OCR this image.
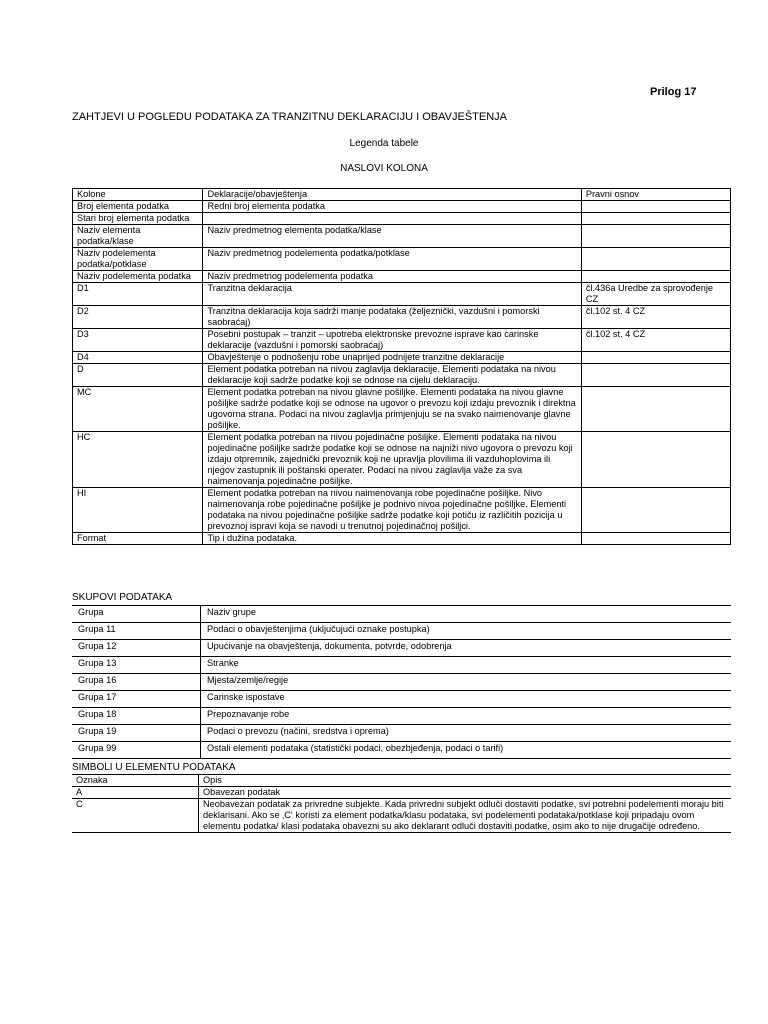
Prilog 17
ZAHTJEVI U POGLEDU PODATAKA ZA TRANZITNU DEKLARACIJU I OBAVJEŠTENJA
Legenda tabele
NASLOVI KOLONA
Kolone	Deklaracije/obavještenja	Pravni osnov
Broj elementa podatka	Redni broj elementa podatka	
Stari broj elementa podatka		
Naziv elementa podatka/klase	Naziv predmetnog elementa podatka/klase	
Naziv podelementa podatka/potklase	Naziv predmetnog podelementa podatka/potklase	
Naziv podelementa podatka	Naziv predmetnog podelementa podatka	
D1	Tranzitna deklaracija	čl.436a Uredbe za sprovođenje CZ
D2	Tranzitna deklaracija koja sadrži manje podataka (željeznički, vazdušni i pomorski saobraćaj)	čl.102 st. 4 CZ
D3	Posebni postupak – tranzit – upotreba elektronske prevozne isprave kao carinske deklaracije (vazdušni i pomorski saobraćaj)	čl.102 st. 4 CZ
D4	Obavještenje o podnošenju robe unaprijed podnijete tranzitne deklaracije	
D	Element podatka potreban na nivou zaglavlja deklaracije. Elementi podataka na nivou deklaracije koji sadrže podatke koji se odnose na cijelu deklaraciju.	
MC	Element podatka potreban na nivou glavne pošiljke. Elementi podataka na nivou glavne pošiljke sadrže podatke koji se odnose na ugovor o prevozu koji izdaju prevoznik i direktna ugovorna strana. Podaci na nivou zaglavlja primjenjuju se na svako naimenovanje glavne pošiljke.	
HC	Element podatka potreban na nivou pojedinačne pošiljke. Elementi podataka na nivou pojedinačne pošiljke sadrže podatke koji se odnose na najniži nivo ugovora o prevozu koji izdaju otpremnik, zajednički prevoznik koji ne upravlja plovilima ili vazduhoplovima ili njegov zastupnik ili poštanski operater. Podaci na nivou zaglavlja važe za sva naimenovanja pojedinačne pošiljke.	
HI	Element podatka potreban na nivou naimenovanja robe pojedinačne pošiljke. Nivo naimenovanja robe pojedinačne pošiljke je podnivo nivoa pojedinačne pošiljke. Elementi podataka na nivou pojedinačne pošiljke sadrže podatke koji potiču iz različitih pozicija u prevoznoj ispravi koja se navodi u trenutnoj pojedinačnoj pošiljci.	
Format	Tip i dužina podataka.	
SKUPOVI PODATAKA
Grupa	Naziv grupe
Grupa 11	Podaci o obavještenjima (uključujući oznake postupka)
Grupa 12	Upućivanje na obavještenja, dokumenta, potvrde, odobrenja
Grupa 13	Stranke
Grupa 16	Mjesta/zemlje/regije
Grupa 17	Carinske ispostave
Grupa 18	Prepoznavanje robe
Grupa 19	Podaci o prevozu (načini, sredstva i oprema)
Grupa 99	Ostali elementi podataka (statistički podaci, obezbjeđenja, podaci o tarifi)
SIMBOLI U ELEMENTU PODATAKA
Oznaka	Opis
A	Obavezan podatak
C	Neobavezan podatak za privredne subjekte. Kada privredni subjekt odluči dostaviti podatke, svi potrebni podelementi moraju biti deklarisani. Ako se ‚C‘ koristi za element podatka/klasu podataka, svi podelementi podataka/potklase koji pripadaju ovom elementu podatka/ klasi podataka obavezni su ako deklarant odluči dostaviti podatke, osim ako to nije drugačije određeno.
